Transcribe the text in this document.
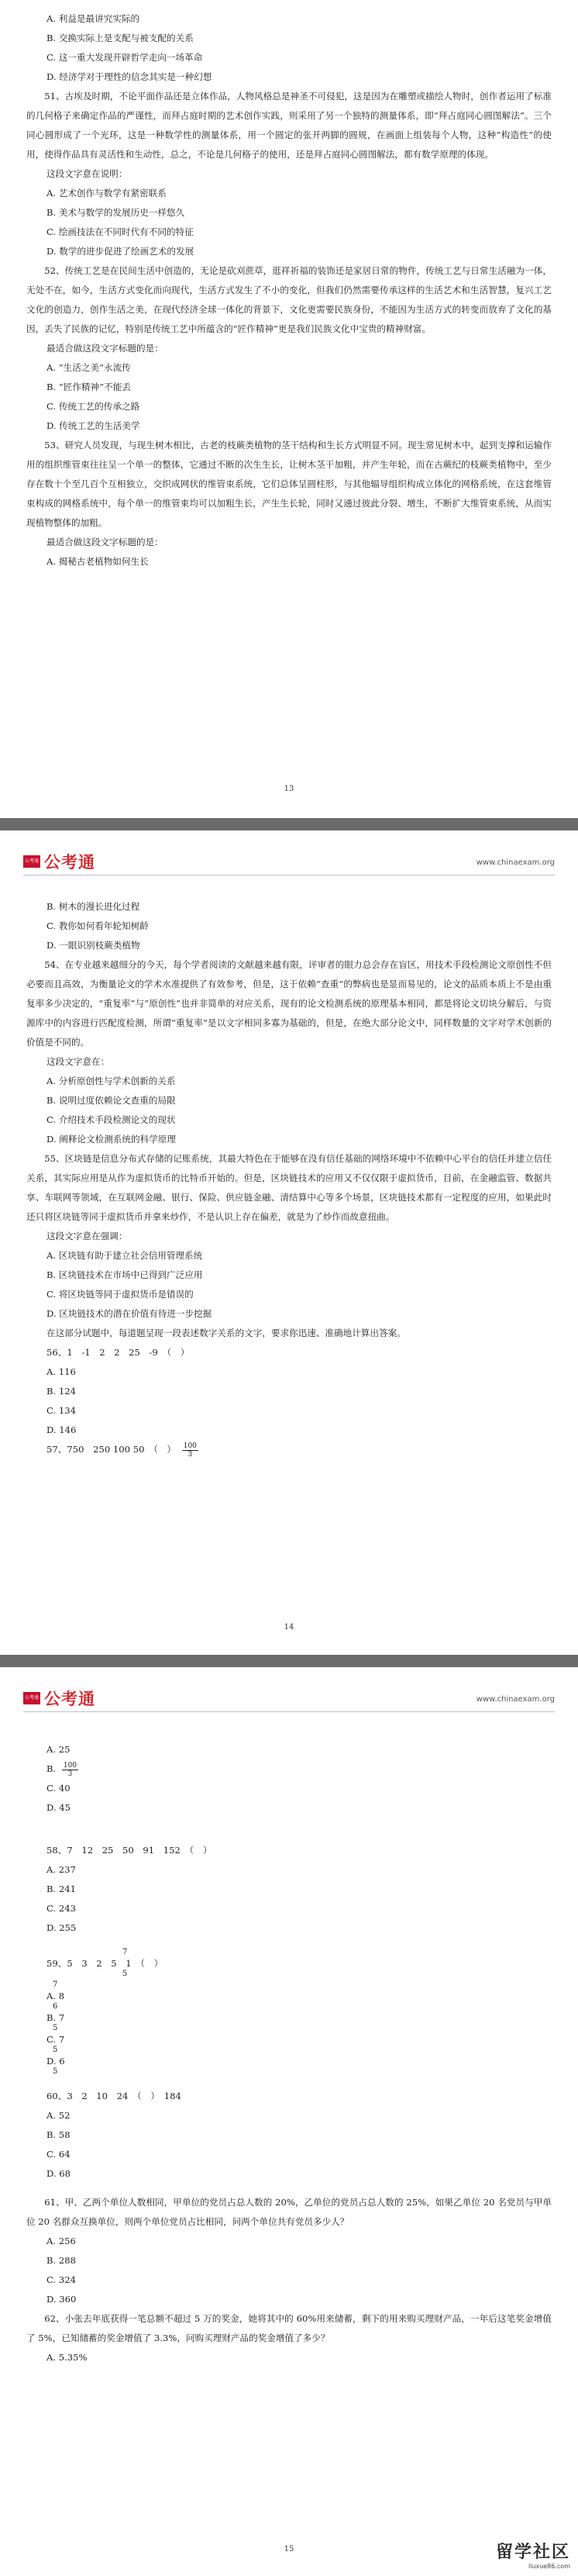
A. 利益是最讲究实际的

B. 交换实际上是支配与被支配的关系

C. 这一重大发现开辟哲学走向一场革命

D. 经济学对于理性的信念其实是一种幻想

51、古埃及时期，不论平面作品还是立体作品，人物风格总是神圣不可侵犯，这是因为在雕塑或描绘人物时，创作者运用了标准的几何格子来确定作品的严谨性，而拜占庭时期的艺术创作实践，则采用了另一个独特的测量体系，即“拜占庭同心圆图解法”。三个同心圆形成了一个光环，这是一种数学性的测量体系，用一个圆定的张开两脚的圆规，在画面上组装每个人物，这种“构造性”的使用，使得作品具有灵活性和生动性，总之，不论是几何格子的使用，还是拜占庭同心圆图解法，都有数学原理的体现。

这段文字意在说明：

A. 艺术创作与数学有紧密联系

B. 美术与数学的发展历史一样悠久

C. 绘画技法在不同时代有不同的特征

D. 数学的进步促进了绘画艺术的发展

52、传统工艺是在民间生活中创造的，无论是砍刈蔗草，逛祥祈福的装饰还是家居日常的物件，传统工艺与日常生活融为一体，无处不在，如今，生活方式变化而向现代，生活方式发生了不小的变化，但我们仍然需要传承这样的生活艺术和生活智慧，复兴工艺文化的创造力，创作生活之美，在现代经济全球一体化的背景下，文化更需要民族身份，不能因为生活方式的转变而放弃了文化的基因，丢失了民族的记忆，特别是传统工艺中所蕴含的“匠作精神”更是我们民族文化中宝贵的精神财富。

最适合做这段文字标题的是：

A. “生活之美”永流传

B. “匠作精神”不能丢

C. 传统工艺的传承之路

D. 传统工艺的生活美学

53、研究人员发现，与现生树木相比，古老的枝蕨类植物的茎干结构和生长方式明显不同。现生常见树木中，起到支撑和运输作用的组织维管束往往呈一个单一的整体，它通过不断的次生生长，让树木茎干加粗，并产生年轮，而在古蕨纪的枝蕨类植物中，至少存在数十个至几百个互相独立，交织成网状的维管束系统，它们总体呈圆柱形，与其他辐导组织构成立体化的网格系统，在这套维管束构成的网格系统中，每个单一的维管束均可以加粗生长，产生生长轮，同时又通过彼此分裂、增生，不断扩大维管束系统，从而实现植物整体的加粗。

最适合做这段文字标题的是：

A. 揭秘古老植物如何生长

13
公考通 公考通	www.chinaexam.org

B. 树木的漫长进化过程

C. 教你如何看年轮知树龄

D. 一眼识别枝蕨类植物

54、在专业越来越细分的今天，每个学者阅读的文献越来越有限，评审者的眼力总会存在盲区，用技术手段检测论文原创性不但必要而且高效，为衡量论文的学术水准提供了有效参考，但是，这于依赖“查重”的弊病也是显而易见的，论文的品质本质上不是由重复率多少决定的，“重复率”与“原创性”也并非简单的对应关系，现有的论文检测系统的原理基本相同，都是将论文切块分解后，与资源库中的内容进行匹配度检测，所谓“重复率”是以文字相同多寡为基础的，但是，在绝大部分论文中，同样数量的文字对学术创新的价值是不同的。

这段文字意在：

A. 分析原创性与学术创新的关系

B. 说明过度依赖论文查重的局限

C. 介绍技术手段检测论文的现状

D. 阐释论文检测系统的科学原理

55、区块链是信息分布式存储的记账系统，其最大特色在于能够在没有信任基础的网络环境中不依赖中心平台的信任并建立信任关系，其实际应用是从作为虚拟货币的比特币开始的。但是，区块链技术的应用又不仅仅限于虚拟货币，目前，在金融监管、数据共享、车联网等领域，在互联网金融、银行、保险、供应链金融、清结算中心等多个场景，区块链技术都有一定程度的应用，如果此时还只将区块链等同于虚拟货币并拿来炒作，不是认识上存在偏差，就是为了炒作而故意扭曲。

这段文字意在强调：

A. 区块链有助于建立社会信用管理系统

B. 区块链技术在市场中已得到广泛应用

C. 将区块链等同于虚拟货币是错误的

D. 区块链技术的潜在价值有待进一步挖掘

在这部分试题中，每道题呈现一段表述数字关系的文字，要求你迅速、准确地计算出答案。

56、1　-1　2　2　25　-9　（　）

A. 116

B. 124

C. 134

D. 146

57、750　250 100 50　（　） $\frac{100}{3}$

14
公考通 公考通	www.chinaexam.org

A. 25

B. $\frac{100}{3}$

C. 40

D. 45

58、7　12　25　50　91　152　（　）

A. 237

B. 241

C. 243

D. 255

7
59、5　3　2　5　1　（　）
5
7
A. 8
6
B. 7
5
C. 7
5
D. 6
5

60、3　2　10　24　（　）　184

A. 52

B. 58

C. 64

D. 68

61、甲、乙两个单位人数相同，甲单位的党员占总人数的 20%，乙单位的党员占总人数的 25%，如果乙单位 20 名党员与甲单位 20 名群众互换单位，则两个单位党员占比相同，问两个单位共有党员多少人？

A. 256

B. 288

C. 324

D. 360

62、小张去年底获得一笔总额不超过 5 万的奖金，她将其中的 60%用来储蓄，剩下的用来购买理财产品，一年后这笔奖金增值了 5%，已知储蓄的奖金增值了 3.3%，问购买理财产品的奖金增值了多少？

A. 5.35%

15	留学社区
liuxue86.com
